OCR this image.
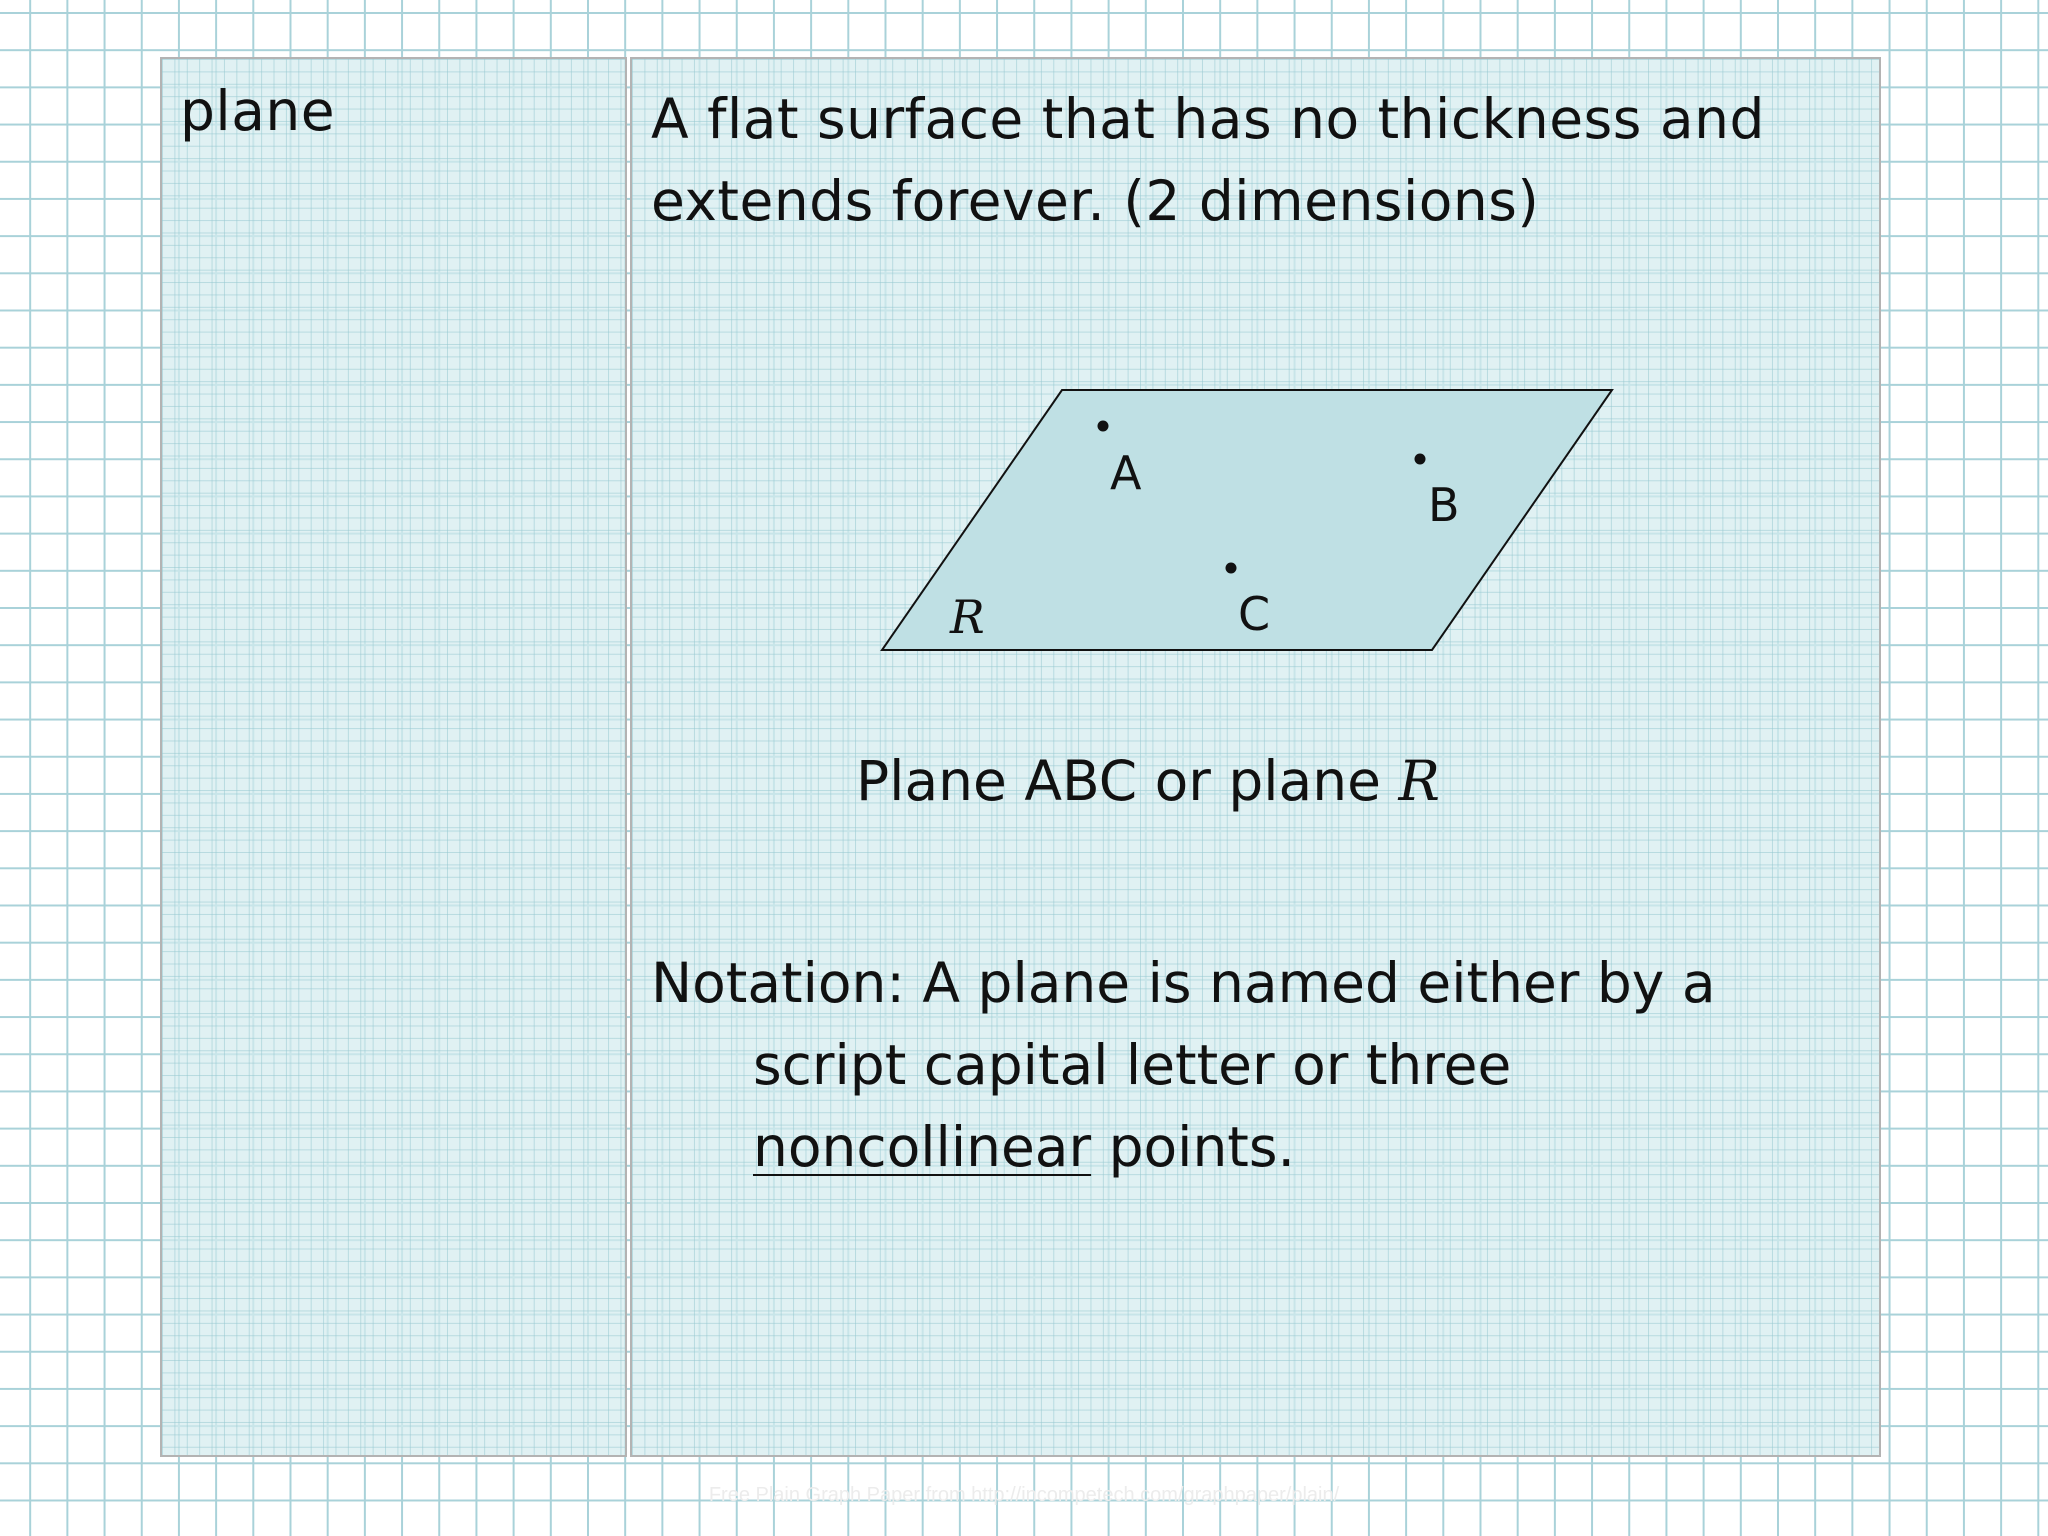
plane	A flat surface that has no thickness and
extends forever. (2 dimensions)
A
B
C
R
Plane ABC or plane R
Notation: A plane is named either by a
script capital letter or three
noncollinear points.
Free Plain Graph Paper from http://incompetech.com/graphpaper/plain/
